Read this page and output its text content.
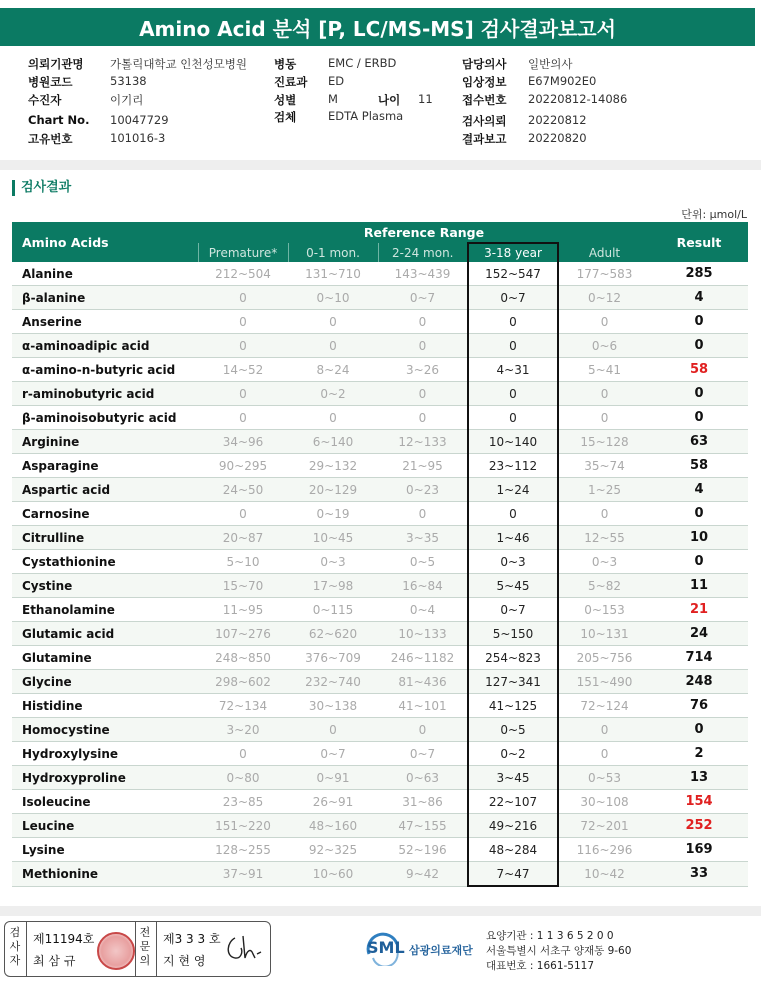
Amino Acid 분석 [P, LC/MS-MS] 검사결과보고서
의뢰기관명 가톨릭대학교 인천성모병원 병동	EMC / ERBD	담당의사 일반의사
병원코드	53138	진료과 ED	임상정보 E67M902E0
수진자	이기리	성별	M	나이 11	접수번호 20220812-14086
Chart No. 10047729	검체	EDTA Plasma	검사의뢰 20220812
고유번호	101016-3	결과보고 20220820
검사결과
단위: μmol/L
Amino Acids	Reference Range					Result
	Premature*	0-1 mon.	2-24 mon.	3-18 year	Adult	
Alanine	212~504	131~710	143~439	152~547	177~583	285
β-alanine	0	0~10	0~7	0~7	0~12	4
Anserine	0	0	0	0	0	0
α-aminoadipic acid	0	0	0	0	0~6	0
α-amino-n-butyric acid	14~52	8~24	3~26	4~31	5~41	58
r-aminobutyric acid	0	0~2	0	0	0	0
β-aminoisobutyric acid	0	0	0	0	0	0
Arginine	34~96	6~140	12~133	10~140	15~128	63
Asparagine	90~295	29~132	21~95	23~112	35~74	58
Aspartic acid	24~50	20~129	0~23	1~24	1~25	4
Carnosine	0	0~19	0	0	0	0
Citrulline	20~87	10~45	3~35	1~46	12~55	10
Cystathionine	5~10	0~3	0~5	0~3	0~3	0
Cystine	15~70	17~98	16~84	5~45	5~82	11
Ethanolamine	11~95	0~115	0~4	0~7	0~153	21
Glutamic acid	107~276	62~620	10~133	5~150	10~131	24
Glutamine	248~850	376~709	246~1182	254~823	205~756	714
Glycine	298~602	232~740	81~436	127~341	151~490	248
Histidine	72~134	30~138	41~101	41~125	72~124	76
Homocystine	3~20	0	0	0~5	0	0
Hydroxylysine	0	0~7	0~7	0~2	0	2
Hydroxyproline	0~80	0~91	0~63	3~45	0~53	13
Isoleucine	23~85	26~91	31~86	22~107	30~108	154
Leucine	151~220	48~160	47~155	49~216	72~201	252
Lysine	128~255	92~325	52~196	48~284	116~296	169
Methionine	37~91	10~60	9~42	7~47	10~42	33
검
사
자
제11194호
최 삼 규
전
문
의
제3 3 3 호
지 현 영
SML 삼광의료재단
요양기관 : 1 1 3 6 5 2 0 0
서울특별시 서초구 양재동 9-60
대표번호 : 1661-5117
